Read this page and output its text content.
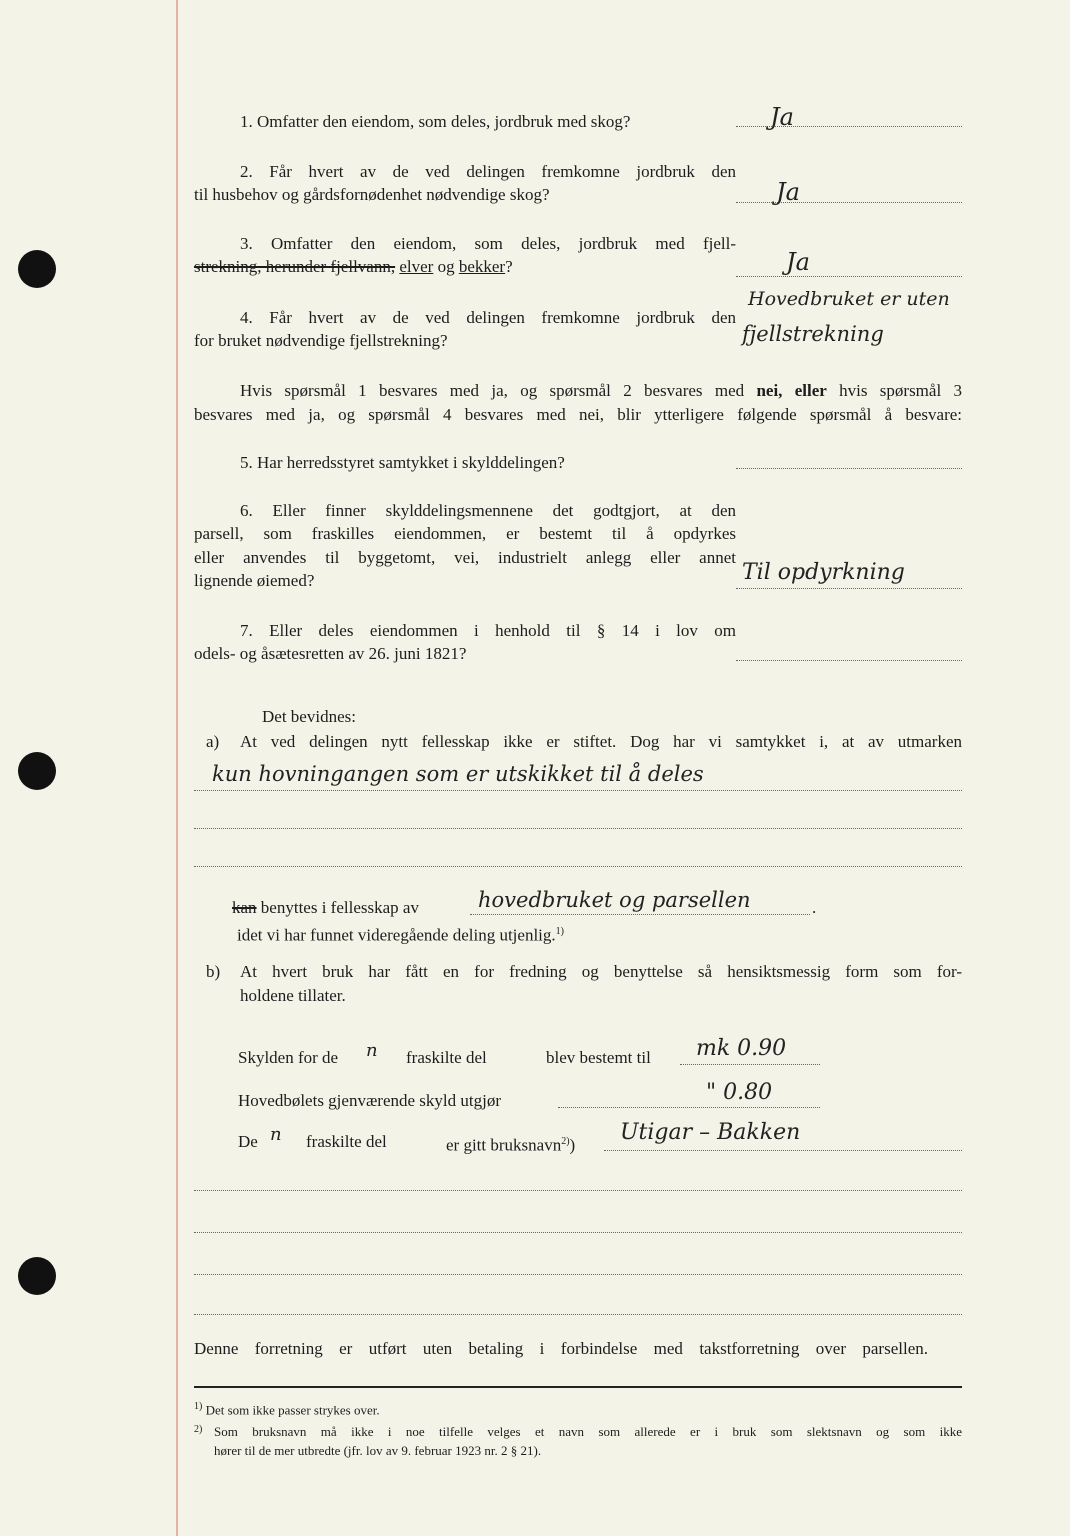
1. Omfatter den eiendom, som deles, jordbruk med skog?	Ja
2. Får hvert av de ved delingen fremkomne jordbruk den
til husbehov og gårdsfornødenhet nødvendige skog?	Ja
3. Omfatter den eiendom, som deles, jordbruk med fjell-
strekning, herunder fjellvann, elver og bekker?	Ja
4. Får hvert av de ved delingen fremkomne jordbruk den
for bruket nødvendige fjellstrekning?
Hovedbruket er uten
fjellstrekning
Hvis spørsmål 1 besvares med ja, og spørsmål 2 besvares med nei, eller hvis spørsmål 3
besvares med ja, og spørsmål 4 besvares med nei, blir ytterligere følgende spørsmål å besvare:
5. Har herredsstyret samtykket i skylddelingen?
6. Eller finner skylddelingsmennene det godtgjort, at den
parsell, som fraskilles eiendommen, er bestemt til å opdyrkes
eller anvendes til byggetomt, vei, industrielt anlegg eller annet
lignende øiemed?	Til opdyrkning
7. Eller deles eiendommen i henhold til § 14 i lov om
odels- og åsætesretten av 26. juni 1821?
Det bevidnes:
a) At ved delingen nytt fellesskap ikke er stiftet. Dog har vi samtykket i, at av utmarken
kun hovningangen som er utskikket til å deles
kan benyttes i fellesskap av	hovedbruket og parsellen	.
idet vi har funnet videregående deling utjenlig.$^{1)}$
b) At hvert bruk har fått en for fredning og benyttelse så hensiktsmessig form som for-
holdene tillater.
Skylden for de n fraskilte del	blev bestemt til mk 0.90
Hovedbølets gjenværende skyld utgjør	" 0.80
De n fraskilte del	er gitt bruksnavn$^{2)}$)
Utigar – Bakken
Denne forretning er utført uten betaling i forbindelse med takstforretning over parsellen.
$^{1)}$ Det som ikke passer strykes over.
$^{2)}$ Som bruksnavn må ikke i noe tilfelle velges et navn som allerede er i bruk som slektsnavn og som ikke
hører til de mer utbredte (jfr. lov av 9. februar 1923 nr. 2 § 21).
